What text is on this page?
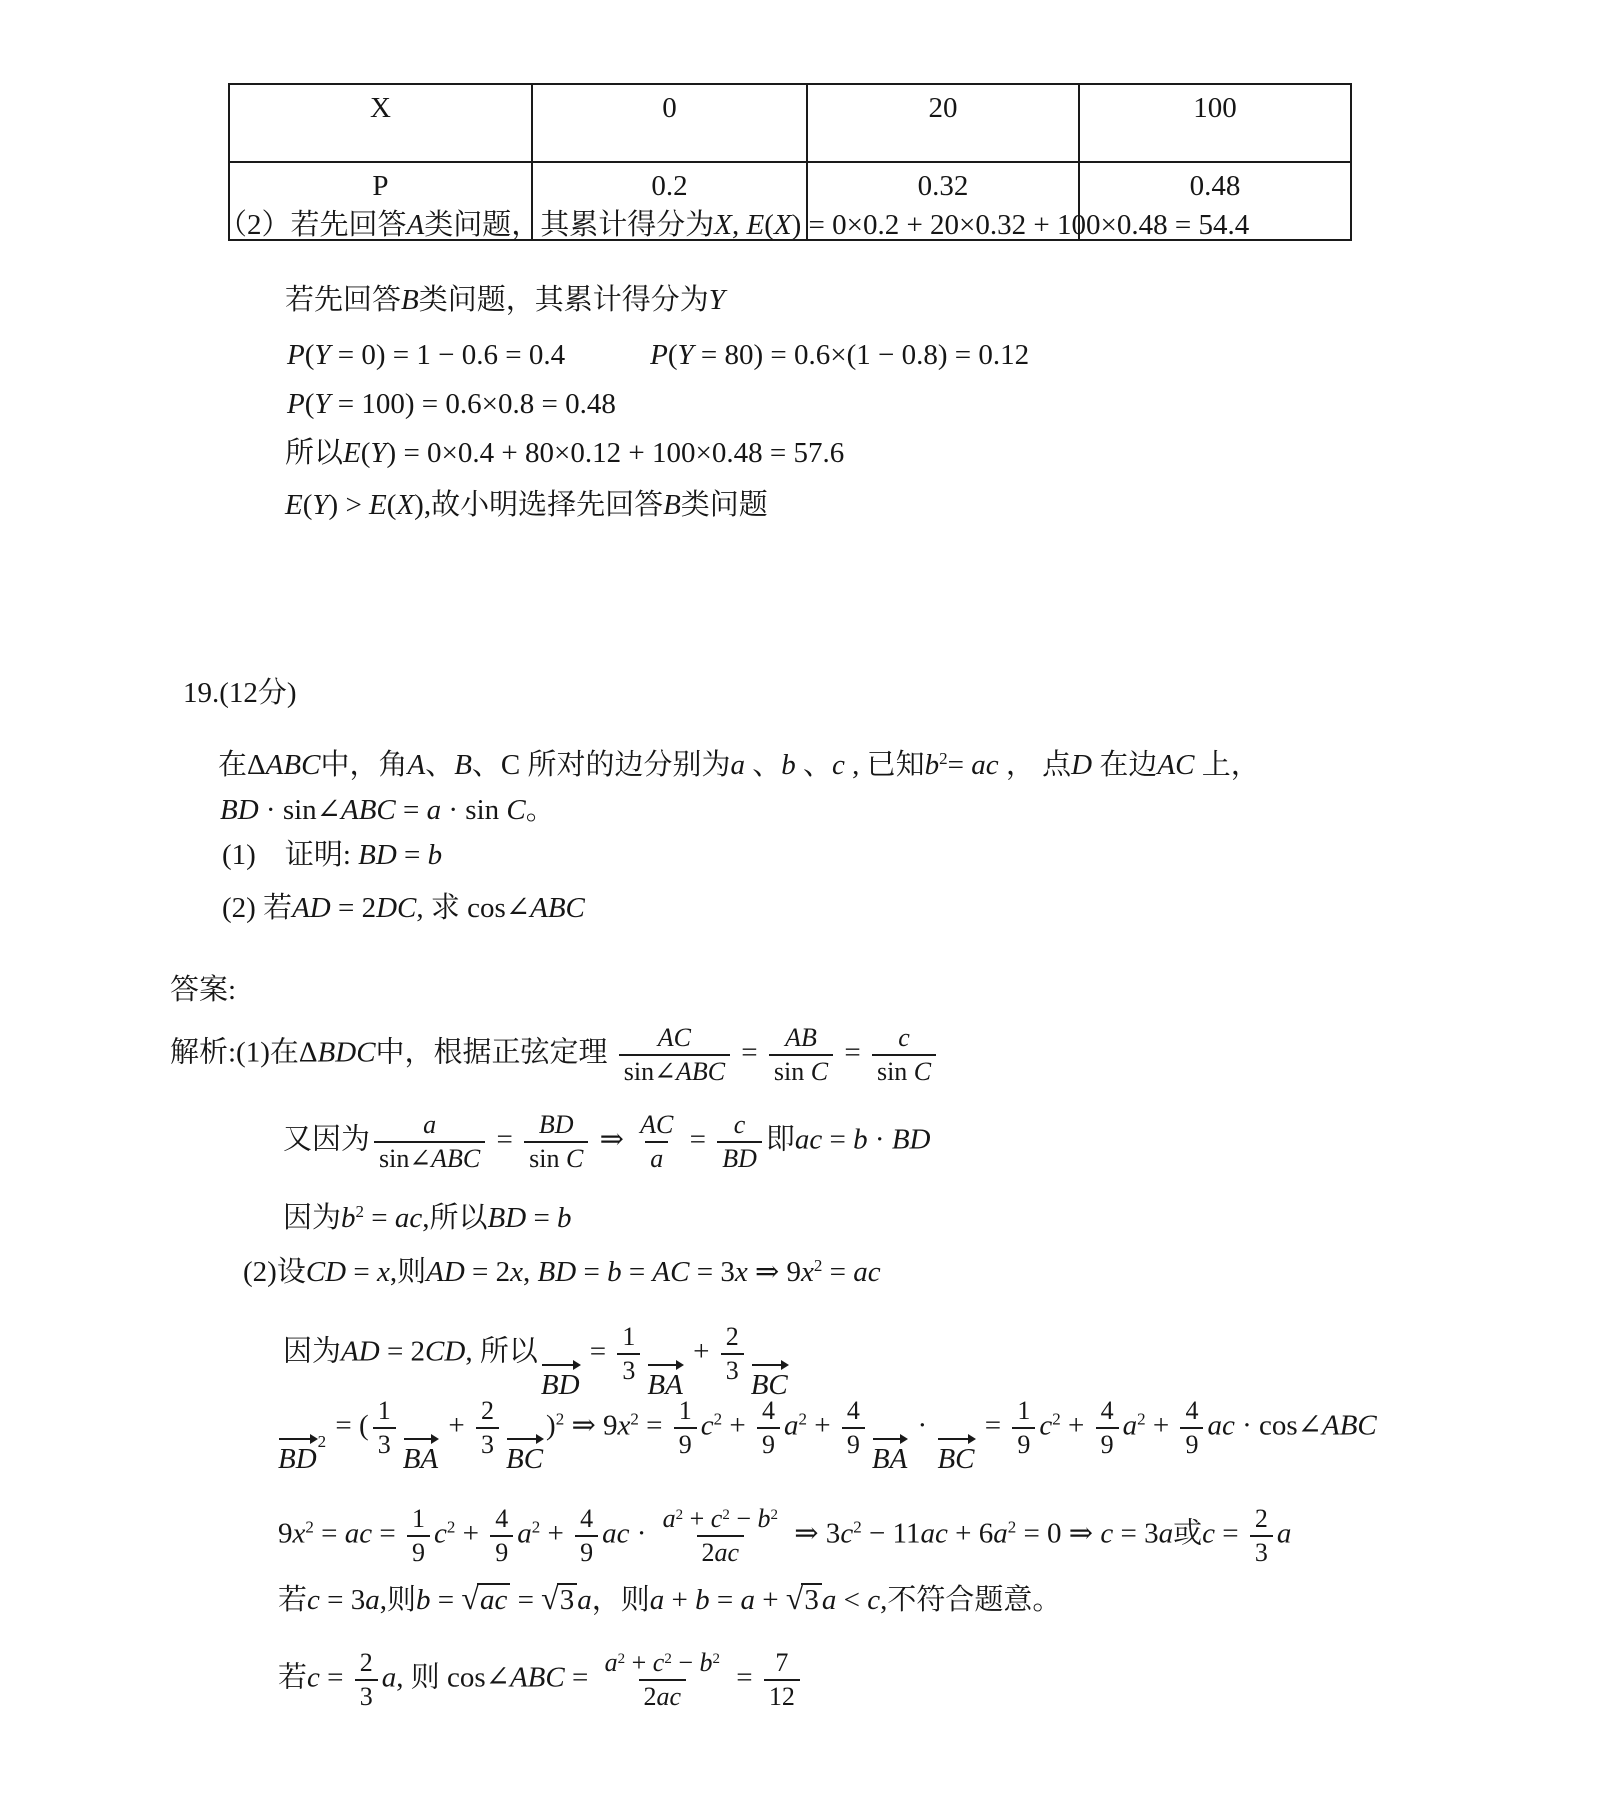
X	0	20	100
P	0.2	0.32	0.48
（2）若先回答A类问题，其累计得分为X, E(X) = 0×0.2 + 20×0.32 + 100×0.48 = 54.4
若先回答B类问题，其累计得分为Y
P(Y = 0) = 1 − 0.6 = 0.4	P(Y = 80) = 0.6×(1 − 0.8) = 0.12
P(Y = 100) = 0.6×0.8 = 0.48
所以E(Y) = 0×0.4 + 80×0.12 + 100×0.48 = 57.6
E(Y) > E(X),故小明选择先回答B类问题
19.(12分)
在ΔABC中，角A、B、C 所对的边分别为a 、b 、c , 已知$b^2=$ ac ， 点D 在边AC 上，
BD · sin∠ABC = a · sin C。
(1)　证明: BD = b
(2) 若AD = 2DC, 求 cos∠ABC
答案:
解析:(1)在ΔBDC中，根据正弦定理 $\frac{AC}{\text{sin∠ABC}} = \frac{AB}{\text{sin C}} = \frac{c}{\text{sin C}}$
又因为 $\frac{a}{\text{sin∠ABC}} = \frac{BD}{\text{sin C}}$ ⇒ $\frac{AC}{a} = \frac{c}{BD}$ 即ac = b · BD
因为$b^2$ = ac,所以BD = b
(2)设CD = x,则AD = 2x, BD = b = AC = 3x ⇒ $9x^2$ = ac
因为AD = 2CD, 所以
BD
= $\frac{1}{3}$ BA
+ $\frac{2}{3}$ BC
BD
$^2$ = ( $\frac{1}{3}$ BA
+ $\frac{2}{3}$ BC
)$^2$ ⇒ $9x^2 = \frac{1}{9} c^2 + \frac{4}{9} a^2 + \frac{4}{9}$ BA
·
BC
= $\frac{1}{9} c^2 + \frac{4}{9} a^2 + \frac{4}{9}$ ac · cos∠ABC
$9x^2$ = ac = $\frac{1}{9} c^2 + \frac{4}{9} a^2 + \frac{4}{9}$ ac · $\frac{a^2 + c^2 - b^2}{2ac}$ ⇒ $3c^2 - 11ac + 6a^2 = 0$ ⇒ c = 3a或$c = \frac{2}{3}$ a
若c = 3a,则b = √ac = √3 a，则a + b = a + √3 a < c,不符合题意。
若$c = \frac{2}{3} a$, 则 cos∠ABC = $\frac{a^2 + c^2 - b^2}{2ac} = \frac{7}{12}$
